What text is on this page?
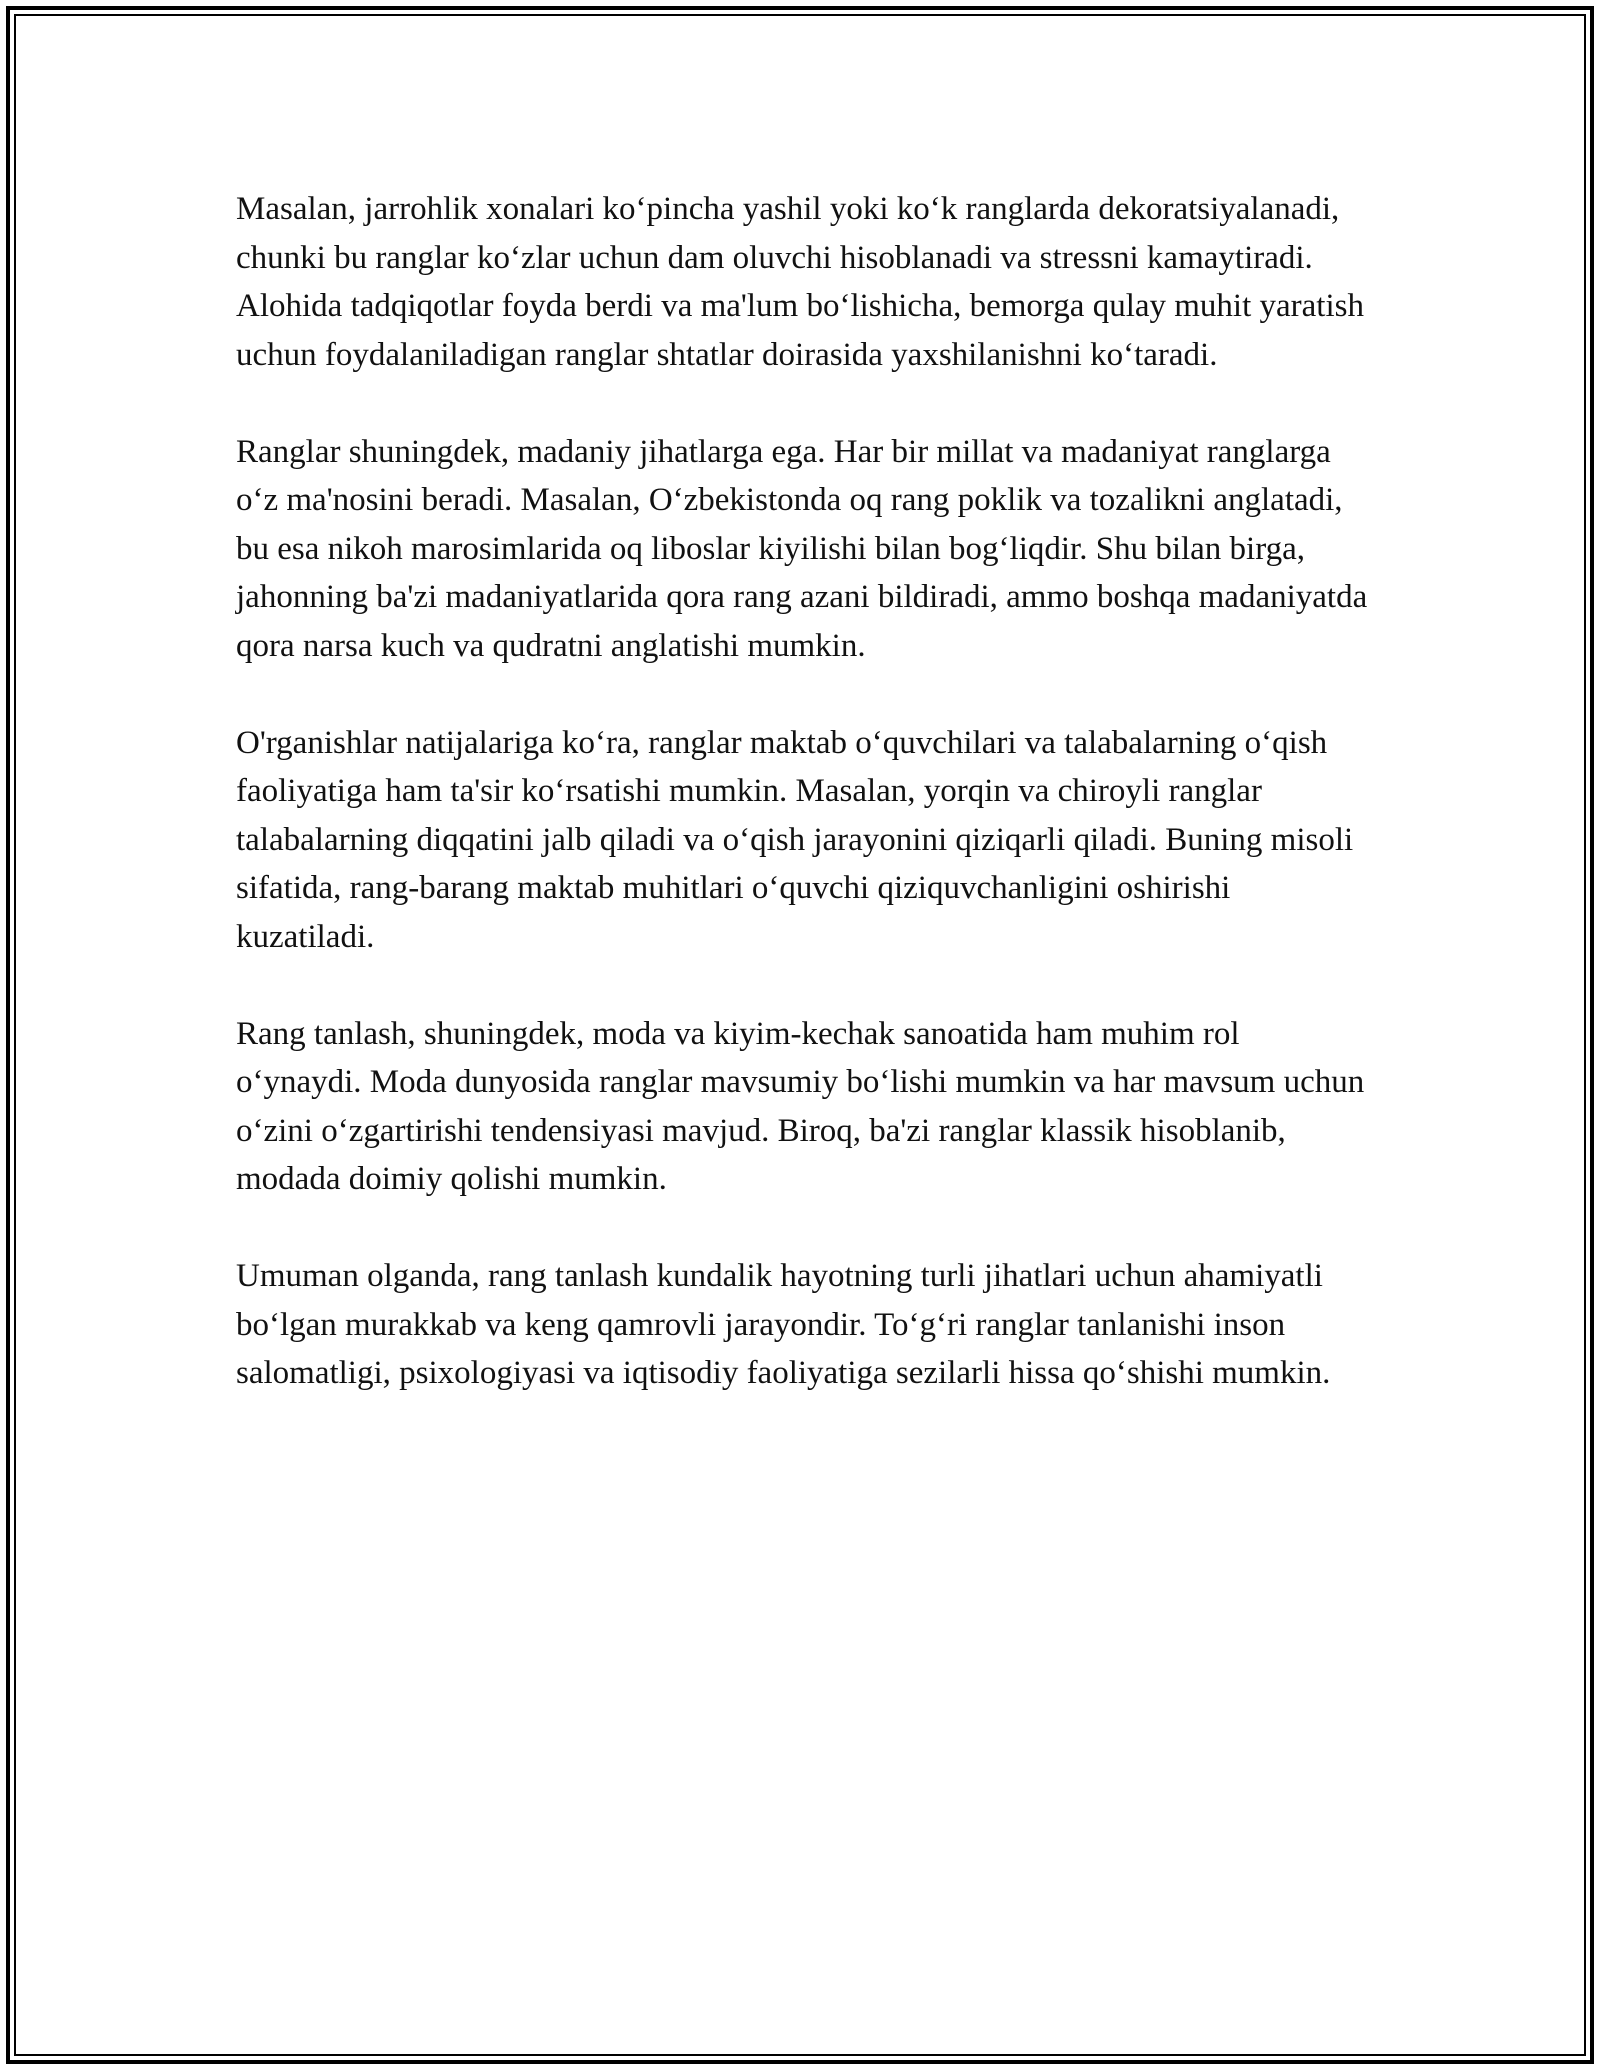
Masalan, jarrohlik xonalari ko‘pincha yashil yoki ko‘k ranglarda dekoratsiyalanadi, chunki bu ranglar ko‘zlar uchun dam oluvchi hisoblanadi va stressni kamaytiradi. Alohida tadqiqotlar foyda berdi va ma'lum bo‘lishicha, bemorga qulay muhit yaratish uchun foydalaniladigan ranglar shtatlar doirasida yaxshilanishni ko‘taradi.

Ranglar shuningdek, madaniy jihatlarga ega. Har bir millat va madaniyat ranglarga o‘z ma'nosini beradi. Masalan, O‘zbekistonda oq rang poklik va tozalikni anglatadi, bu esa nikoh marosimlarida oq liboslar kiyilishi bilan bog‘liqdir. Shu bilan birga, jahonning ba'zi madaniyatlarida qora rang azani bildiradi, ammo boshqa madaniyatda qora narsa kuch va qudratni anglatishi mumkin.

O'rganishlar natijalariga ko‘ra, ranglar maktab o‘quvchilari va talabalarning o‘qish faoliyatiga ham ta'sir ko‘rsatishi mumkin. Masalan, yorqin va chiroyli ranglar talabalarning diqqatini jalb qiladi va o‘qish jarayonini qiziqarli qiladi. Buning misoli sifatida, rang-barang maktab muhitlari o‘quvchi qiziquvchanligini oshirishi kuzatiladi.

Rang tanlash, shuningdek, moda va kiyim-kechak sanoatida ham muhim rol o‘ynaydi. Moda dunyosida ranglar mavsumiy bo‘lishi mumkin va har mavsum uchun o‘zini o‘zgartirishi tendensiyasi mavjud. Biroq, ba'zi ranglar klassik hisoblanib, modada doimiy qolishi mumkin.

Umuman olganda, rang tanlash kundalik hayotning turli jihatlari uchun ahamiyatli bo‘lgan murakkab va keng qamrovli jarayondir. To‘g‘ri ranglar tanlanishi inson salomatligi, psixologiyasi va iqtisodiy faoliyatiga sezilarli hissa qo‘shishi mumkin.
